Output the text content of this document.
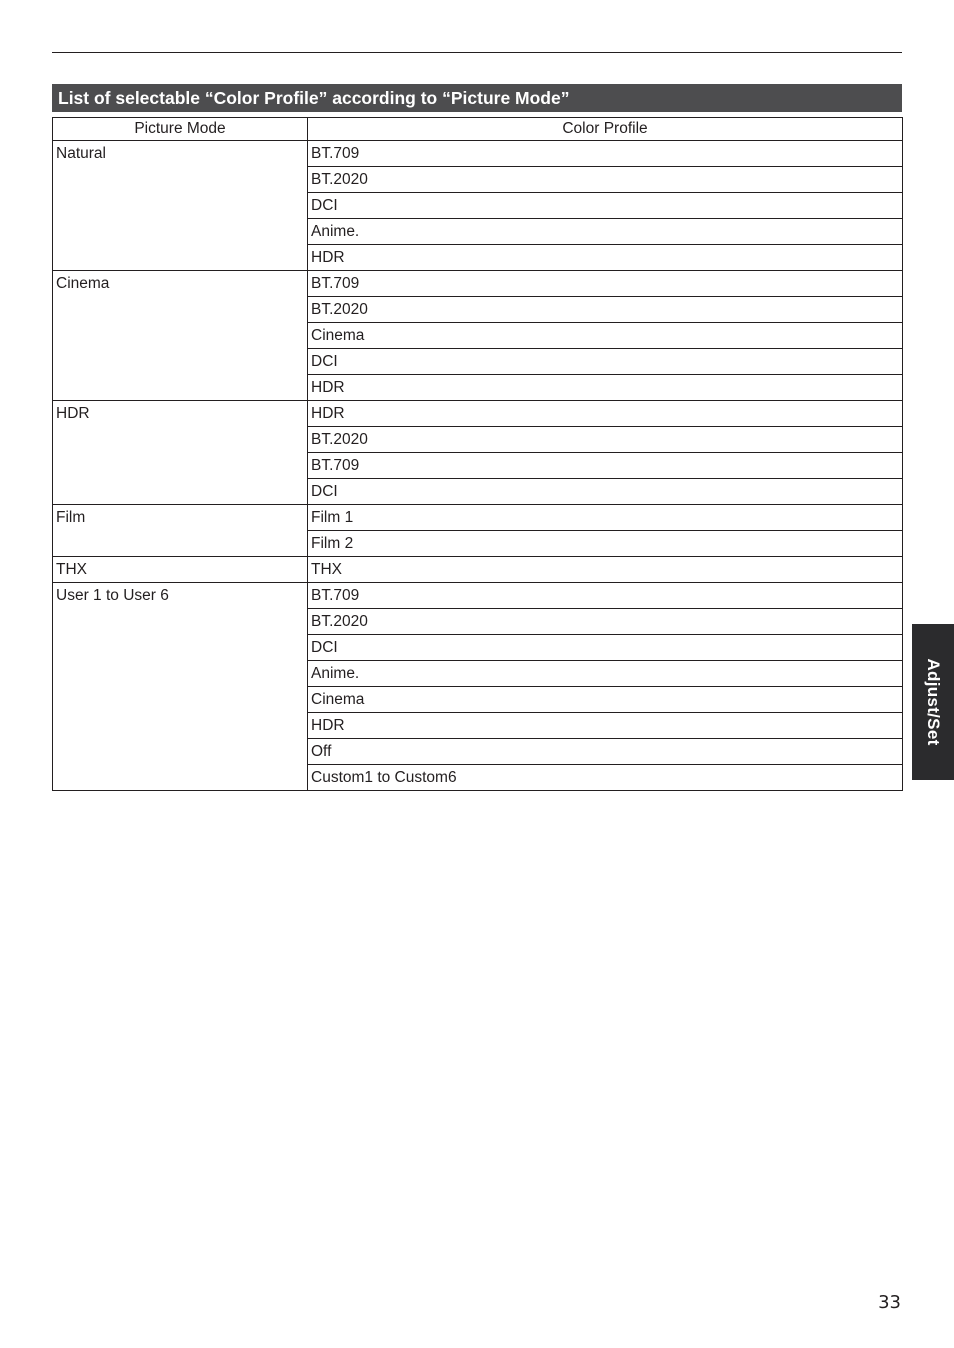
List of selectable “Color Profile” according to “Picture Mode”
Picture Mode	Color Profile
Natural	BT.709
	BT.2020
	DCI
	Anime.
	HDR
Cinema	BT.709
	BT.2020
	Cinema
	DCI
	HDR
HDR	HDR
	BT.2020
	BT.709
	DCI
Film	Film 1
	Film 2
THX	THX
User 1 to User 6	BT.709
	BT.2020
	DCI
	Anime.
	Cinema
	HDR
	Off
	Custom1 to Custom6
Adjust/Set
33
